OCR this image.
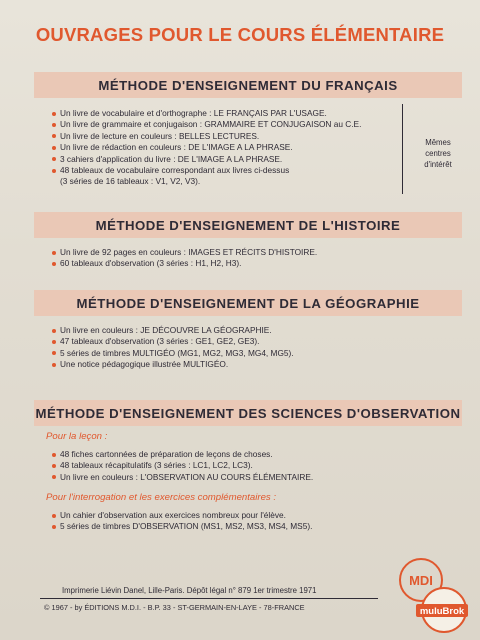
OUVRAGES POUR LE COURS ÉLÉMENTAIRE
MÉTHODE D'ENSEIGNEMENT DU FRANÇAIS
Un livre de vocabulaire et d'orthographe : LE FRANÇAIS PAR L'USAGE.
Un livre de grammaire et conjugaison : GRAMMAIRE ET CONJUGAISON au C.E.
Un livre de lecture en couleurs : BELLES LECTURES.
Un livre de rédaction en couleurs : DE L'IMAGE A LA PHRASE.
3 cahiers d'application du livre : DE L'IMAGE A LA PHRASE.
48 tableaux de vocabulaire correspondant aux livres ci-dessus
(3 séries de 16 tableaux : V1, V2, V3).
Mêmes
centres
d'intérêt
MÉTHODE D'ENSEIGNEMENT DE L'HISTOIRE
Un livre de 92 pages en couleurs : IMAGES ET RÉCITS D'HISTOIRE.
60 tableaux d'observation (3 séries : H1, H2, H3).
MÉTHODE D'ENSEIGNEMENT DE LA GÉOGRAPHIE
Un livre en couleurs : JE DÉCOUVRE LA GÉOGRAPHIE.
47 tableaux d'observation (3 séries : GE1, GE2, GE3).
5 séries de timbres MULTIGÉO (MG1, MG2, MG3, MG4, MG5).
Une notice pédagogique illustrée MULTIGÉO.
MÉTHODE D'ENSEIGNEMENT DES SCIENCES D'OBSERVATION
Pour la leçon :
48 fiches cartonnées de préparation de leçons de choses.
48 tableaux récapitulatifs (3 séries : LC1, LC2, LC3).
Un livre en couleurs : L'OBSERVATION AU COURS ÉLÉMENTAIRE.
Pour l'interrogation et les exercices complémentaires :
Un cahier d'observation aux exercices nombreux pour l'élève.
5 séries de timbres D'OBSERVATION (MS1, MS2, MS3, MS4, MS5).
Imprimerie Liévin Danel, Lille-Paris. Dépôt légal n° 879 1er trimestre 1971
© 1967 - by ÉDITIONS M.D.I. - B.P. 33 - ST-GERMAIN-EN-LAYE - 78-FRANCE
MDI
muluBrok
